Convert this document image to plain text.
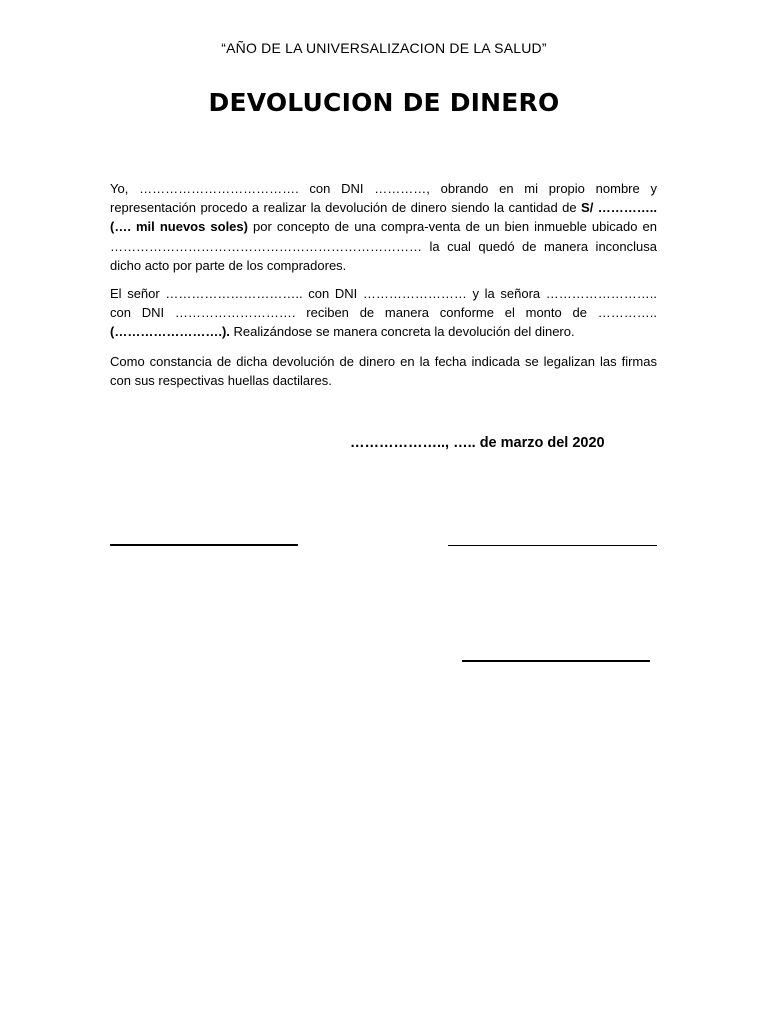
“AÑO DE LA UNIVERSALIZACION DE LA SALUD”
DEVOLUCION DE DINERO

Yo, ………………………………. con DNI …………, obrando en mi propio nombre y representación procedo a realizar la devolución de dinero siendo la cantidad de S/ ………….. (…. mil nuevos soles) por concepto de una compra-venta de un bien inmueble ubicado en ……………………………………………………………… la cual quedó de manera inconclusa dicho acto por parte de los compradores.

El señor ………………………….. con DNI …………………… y la señora …………………….. con DNI ………………………. reciben de manera conforme el monto de ………….. (…………………….). Realizándose se manera concreta la devolución del dinero.

Como constancia de dicha devolución de dinero en la fecha indicada se legalizan las firmas con sus respectivas huellas dactilares.

……………….., ….. de marzo del 2020
